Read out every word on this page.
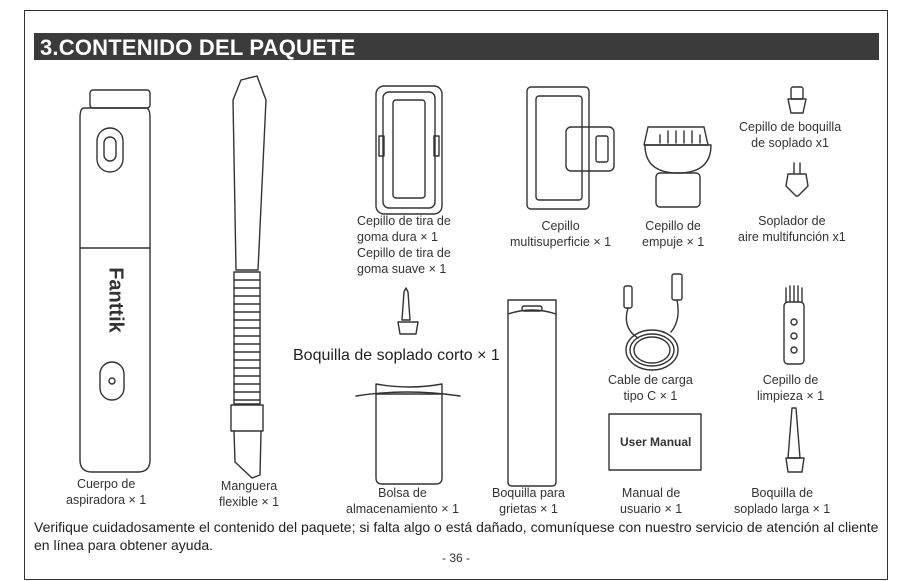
3.CONTENIDO DEL PAQUETE
Fanttik
User Manual
Cuerpo de
aspiradora × 1
Manguera
flexible × 1
Cepillo de tira de
goma dura × 1
Cepillo de tira de
goma suave × 1
Cepillo
multisuperficie × 1
Cepillo de
empuje × 1
Cepillo de boquilla
de soplado x1
Soplador de
aire multifunción x1
Boquilla de soplado corto × 1
Bolsa de
almacenamiento × 1
Boquilla para
grietas × 1
Cable de carga
tipo C × 1
Manual de
usuario × 1
Cepillo de
limpieza × 1
Boquilla de
soplado larga × 1
Verifique cuidadosamente el contenido del paquete; si falta algo o está dañado, comuníquese con nuestro servicio de atención al cliente en línea para obtener ayuda.
- 36 -
